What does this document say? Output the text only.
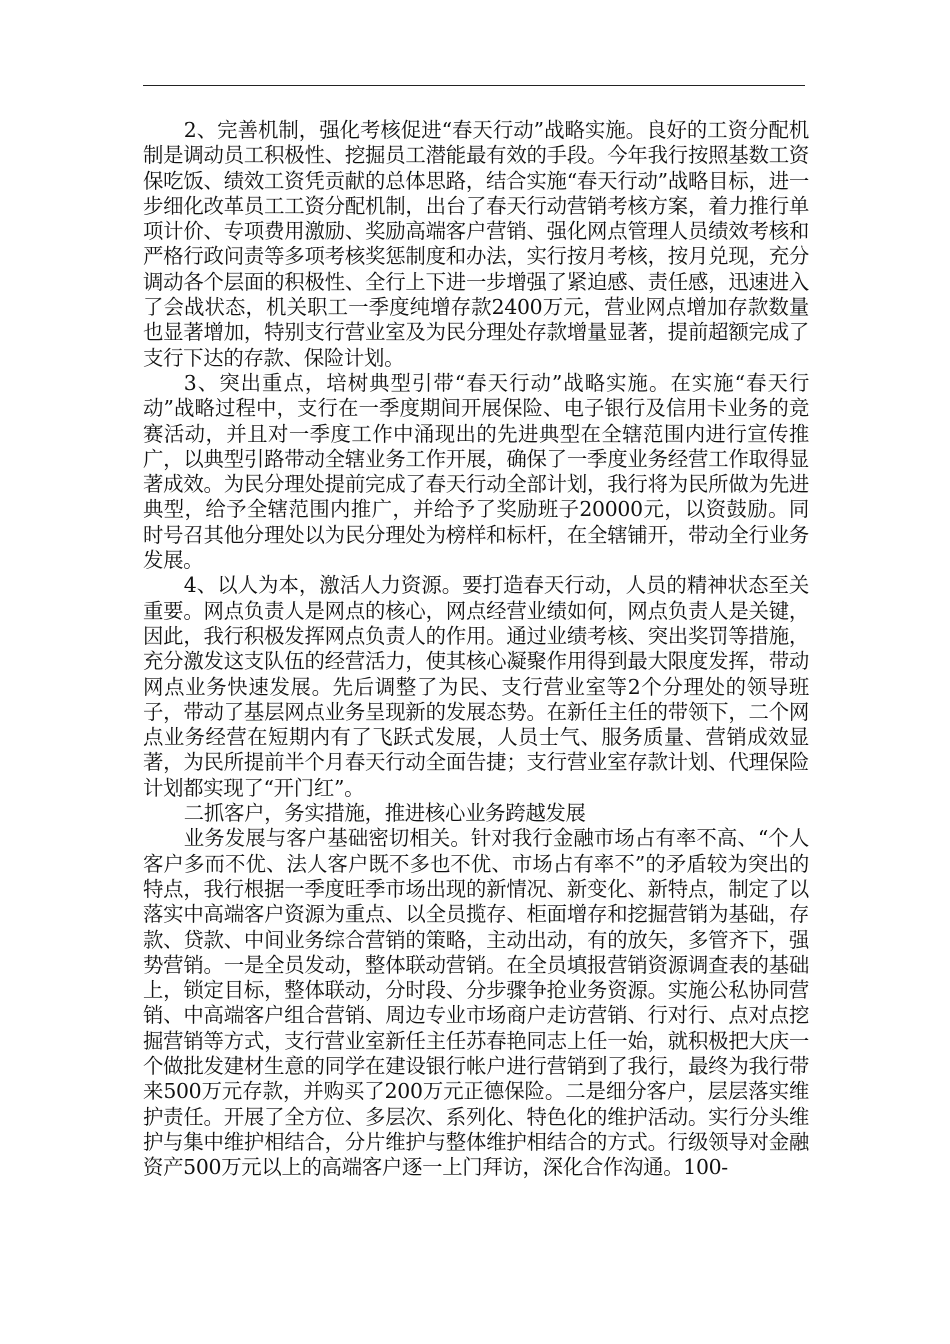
2、完善机制，强化考核促进“春天行动”战略实施。良好的工资分配机制是调动员工积极性、挖掘员工潜能最有效的手段。今年我行按照基数工资保吃饭、绩效工资凭贡献的总体思路，结合实施“春天行动”战略目标，进一步细化改革员工工资分配机制，出台了春天行动营销考核方案，着力推行单项计价、专项费用激励、奖励高端客户营销、强化网点管理人员绩效考核和严格行政问责等多项考核奖惩制度和办法，实行按月考核，按月兑现，充分调动各个层面的积极性、全行上下进一步增强了紧迫感、责任感，迅速进入了会战状态，机关职工一季度纯增存款2400万元，营业网点增加存款数量也显著增加，特别支行营业室及为民分理处存款增量显著，提前超额完成了支行下达的存款、保险计划。

3、突出重点，培树典型引带“春天行动”战略实施。在实施“春天行动”战略过程中，支行在一季度期间开展保险、电子银行及信用卡业务的竞赛活动，并且对一季度工作中涌现出的先进典型在全辖范围内进行宣传推广，以典型引路带动全辖业务工作开展，确保了一季度业务经营工作取得显著成效。为民分理处提前完成了春天行动全部计划，我行将为民所做为先进典型，给予全辖范围内推广，并给予了奖励班子20000元，以资鼓励。同时号召其他分理处以为民分理处为榜样和标杆，在全辖铺开，带动全行业务发展。

4、以人为本，激活人力资源。要打造春天行动，人员的精神状态至关重要。网点负责人是网点的核心，网点经营业绩如何，网点负责人是关键，因此，我行积极发挥网点负责人的作用。通过业绩考核、突出奖罚等措施，充分激发这支队伍的经营活力，使其核心凝聚作用得到最大限度发挥，带动网点业务快速发展。先后调整了为民、支行营业室等2个分理处的领导班子，带动了基层网点业务呈现新的发展态势。在新任主任的带领下，二个网点业务经营在短期内有了飞跃式发展，人员士气、服务质量、营销成效显著，为民所提前半个月春天行动全面告捷；支行营业室存款计划、代理保险计划都实现了“开门红”。

二抓客户，务实措施，推进核心业务跨越发展

业务发展与客户基础密切相关。针对我行金融市场占有率不高、“个人客户多而不优、法人客户既不多也不优、市场占有率不”的矛盾较为突出的特点，我行根据一季度旺季市场出现的新情况、新变化、新特点，制定了以落实中高端客户资源为重点、以全员揽存、柜面增存和挖掘营销为基础，存款、贷款、中间业务综合营销的策略，主动出动，有的放矢，多管齐下，强势营销。一是全员发动，整体联动营销。在全员填报营销资源调查表的基础上，锁定目标，整体联动，分时段、分步骤争抢业务资源。实施公私协同营销、中高端客户组合营销、周边专业市场商户走访营销、行对行、点对点挖掘营销等方式，支行营业室新任主任苏春艳同志上任一始，就积极把大庆一个做批发建材生意的同学在建设银行帐户进行营销到了我行，最终为我行带来500万元存款，并购买了200万元正德保险。二是细分客户，层层落实维护责任。开展了全方位、多层次、系列化、特色化的维护活动。实行分头维护与集中维护相结合，分片维护与整体维护相结合的方式。行级领导对金融资产500万元以上的高端客户逐一上门拜访，深化合作沟通。100-
